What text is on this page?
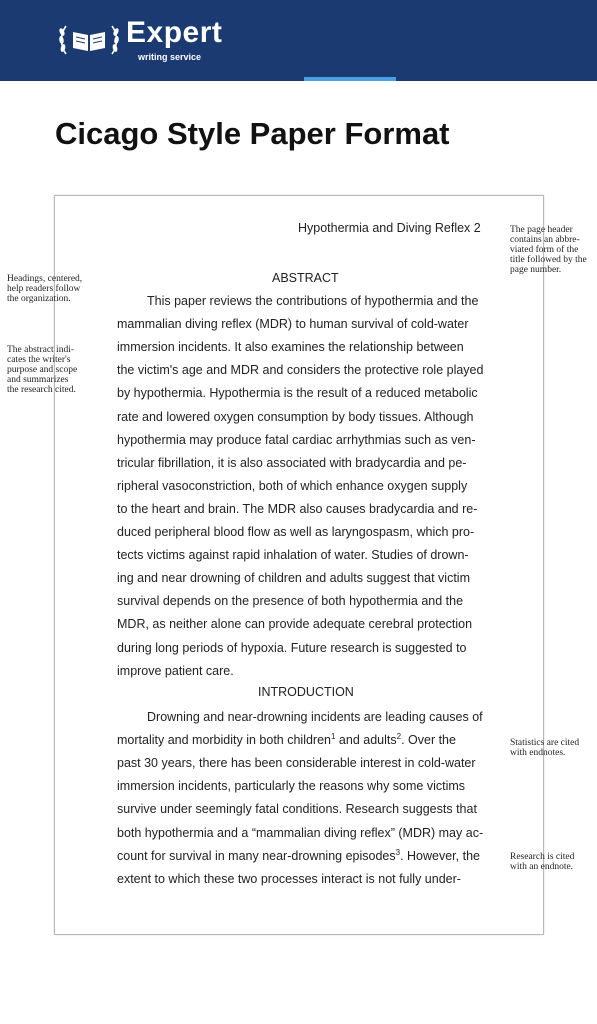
Expert
writing service
Cicago Style Paper Format
Hypothermia and Diving Reflex 2
ABSTRACT
This paper reviews the contributions of hypothermia and the
mammalian diving reflex (MDR) to human survival of cold-water
immersion incidents. It also examines the relationship between
the victim's age and MDR and considers the protective role played
by hypothermia. Hypothermia is the result of a reduced metabolic
rate and lowered oxygen consumption by body tissues. Although
hypothermia may produce fatal cardiac arrhythmias such as ven-
tricular fibrillation, it is also associated with bradycardia and pe-
ripheral vasoconstriction, both of which enhance oxygen supply
to the heart and brain. The MDR also causes bradycardia and re-
duced peripheral blood flow as well as laryngospasm, which pro-
tects victims against rapid inhalation of water. Studies of drown-
ing and near drowning of children and adults suggest that victim
survival depends on the presence of both hypothermia and the
MDR, as neither alone can provide adequate cerebral protection
during long periods of hypoxia. Future research is suggested to
improve patient care.
INTRODUCTION
Drowning and near-drowning incidents are leading causes of
mortality and morbidity in both children$^1$ and adults$^2$. Over the
past 30 years, there has been considerable interest in cold-water
immersion incidents, particularly the reasons why some victims
survive under seemingly fatal conditions. Research suggests that
both hypothermia and a “mammalian diving reflex” (MDR) may ac-
count for survival in many near-drowning episodes$^3$. However, the
extent to which these two processes interact is not fully under-
The page header
contains an abbre-
viated form of the
title followed by the
page number.
Headings, centered,
help readers follow
the organization.
The abstract indi-
cates the writer's
purpose and scope
and summarizes
the research cited.
Statistics are cited
with endnotes.
Research is cited
with an endnote.
